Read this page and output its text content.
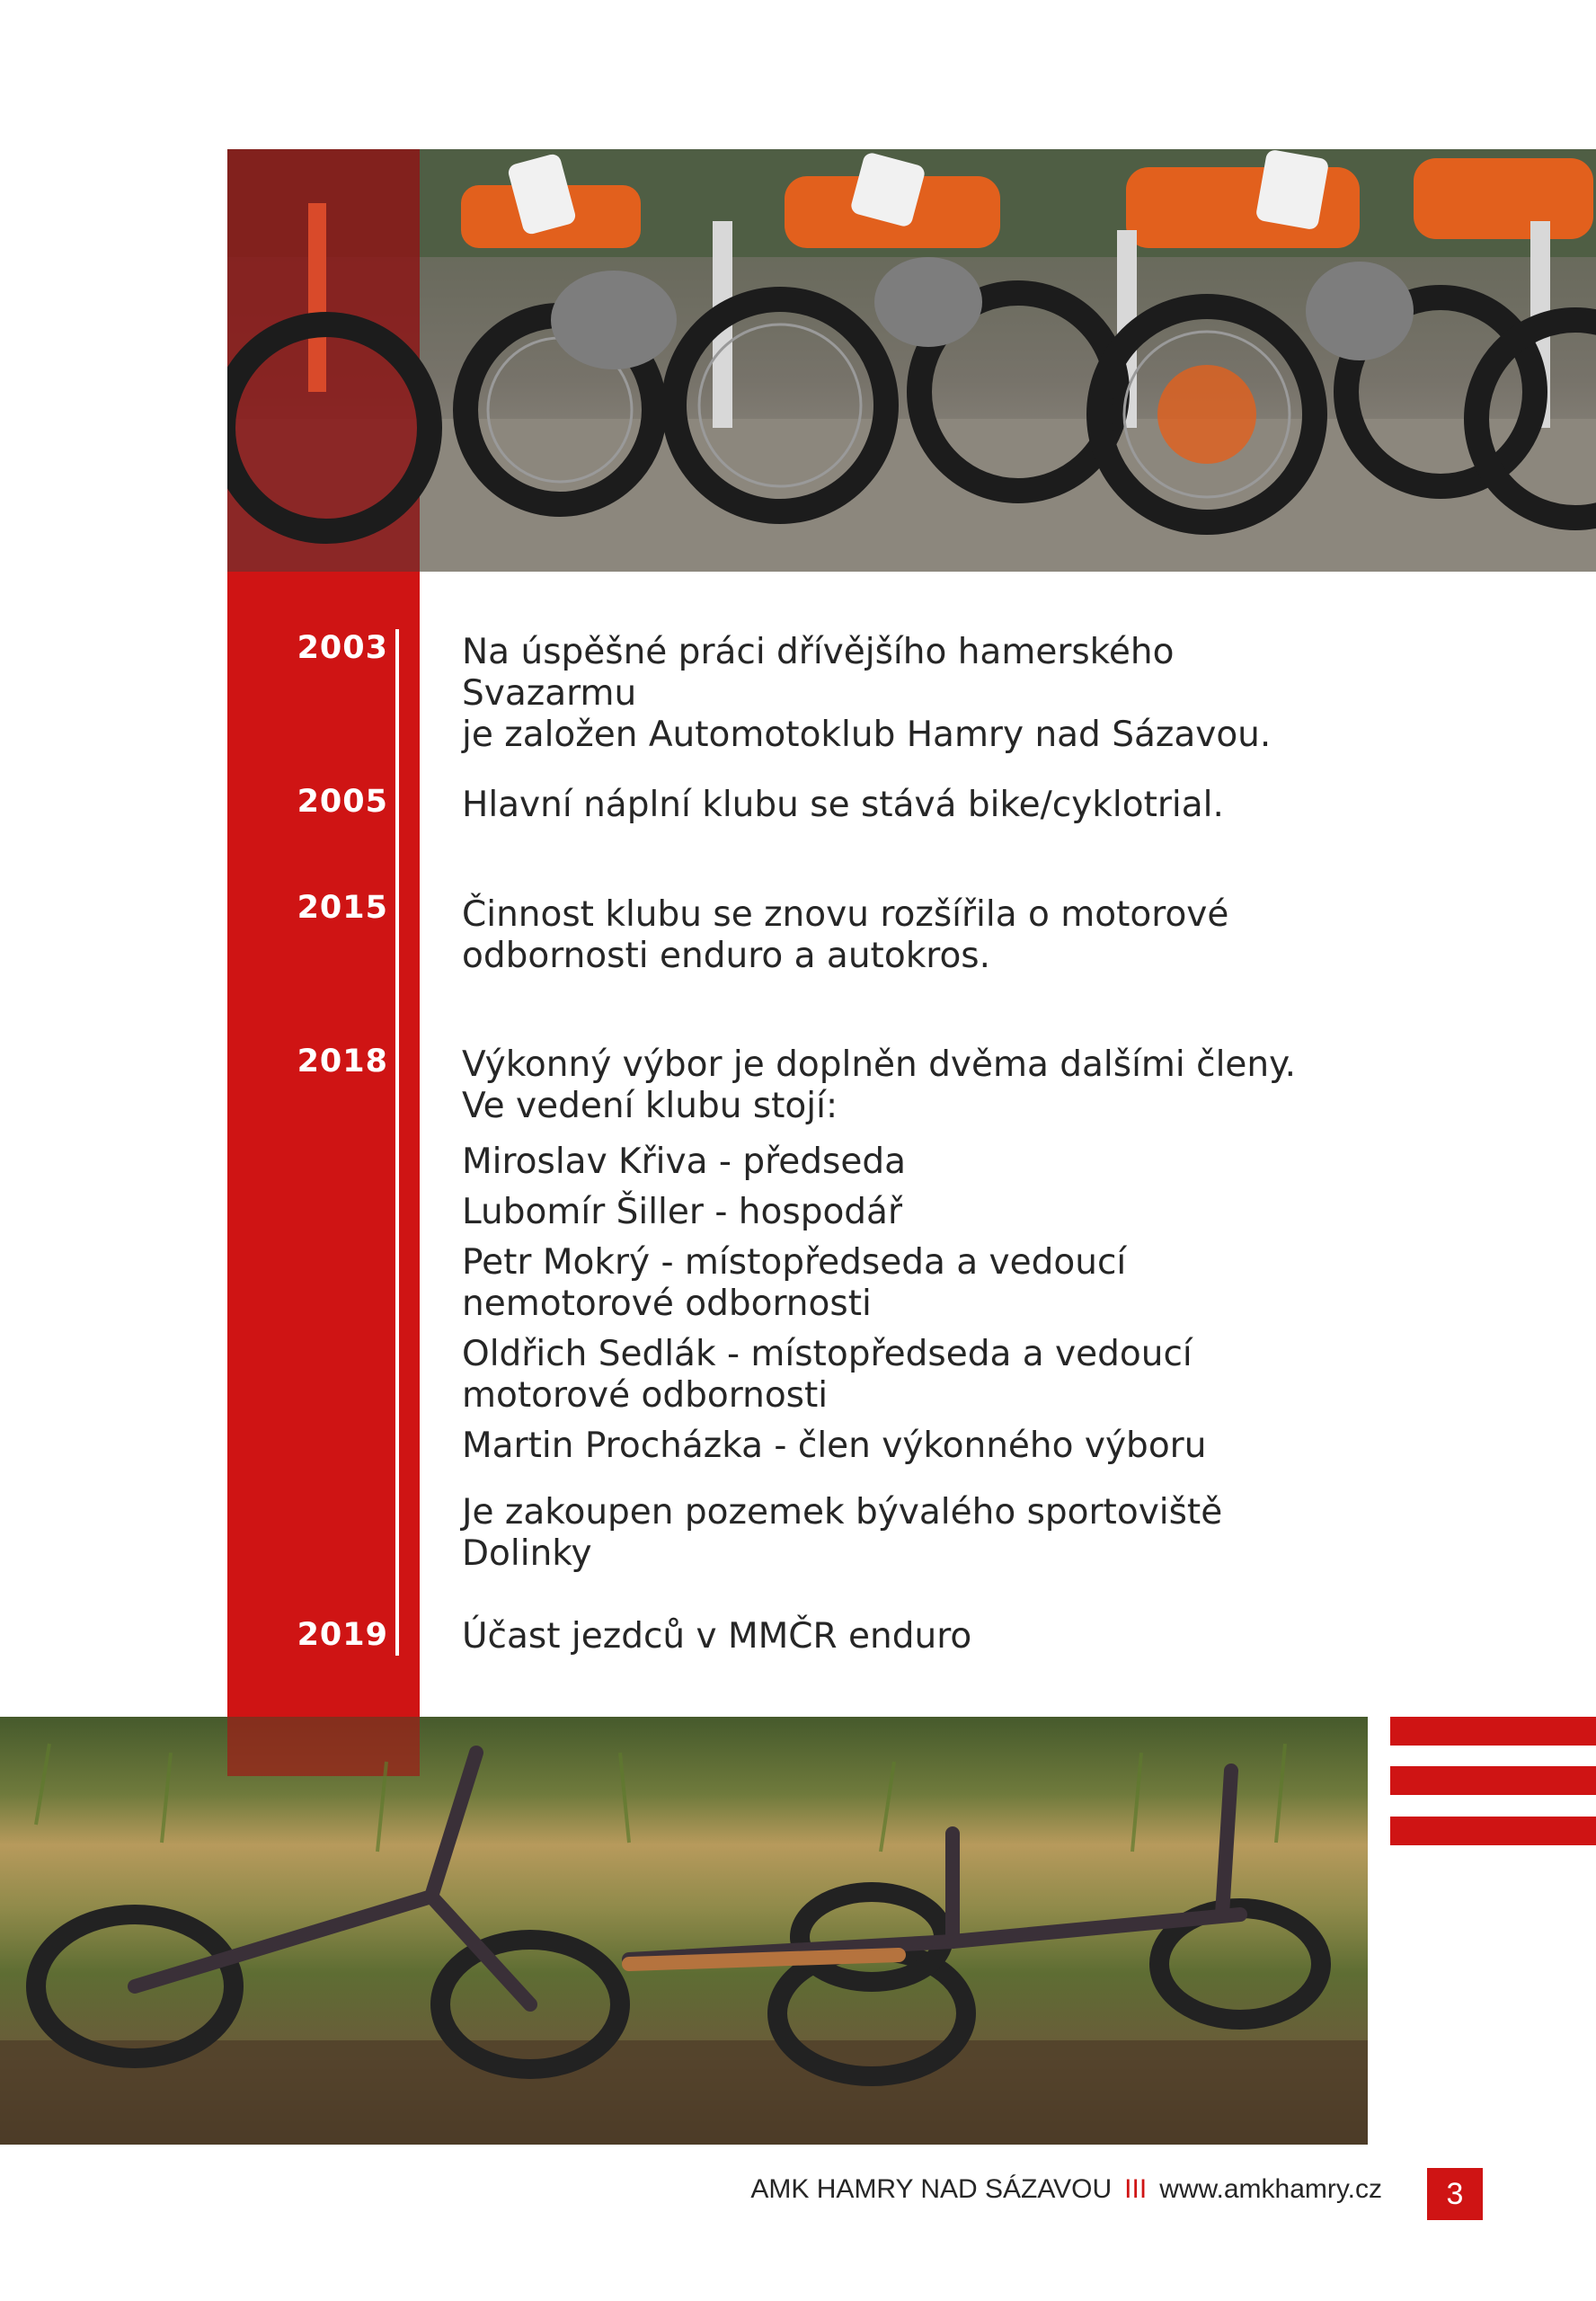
2003
2005
2015
2018
2019

Na úspěšné práci dřívějšího hamerského Svazarmu

je založen Automotoklub Hamry nad Sázavou.

Hlavní náplní klubu se stává bike/cyklotrial.

Činnost klubu se znovu rozšířila o motorové

odbornosti enduro a autokros.

Výkonný výbor je doplněn dvěma dalšími členy.

Ve vedení klubu stojí:

Miroslav Křiva - předseda

Lubomír Šiller - hospodář

Petr Mokrý - místopředseda a vedoucí nemotorové odbornosti

Oldřich Sedlák - místopředseda a vedoucí motorové odbornosti

Martin Procházka - člen výkonného výboru

Je zakoupen pozemek bývalého sportoviště Dolinky

Účast jezdců v MMČR enduro

AMK HAMRY NAD SÁZAVOU III www.amkhamry.cz	3
